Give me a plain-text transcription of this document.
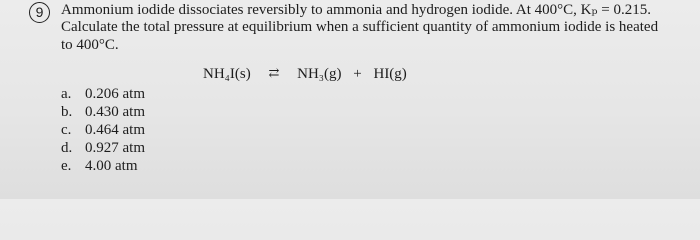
9	Ammonium iodide dissociates reversibly to ammonia and hydrogen iodide. At 400°C, Kₚ = 0.215.
Calculate the total pressure at equilibrium when a sufficient quantity of ammonium iodide is heated
to 400°C.
NH₄I(s) ⇄ NH₃(g) + HI(g)
a. 0.206 atm
b. 0.430 atm
c. 0.464 atm
d. 0.927 atm
e. 4.00 atm
